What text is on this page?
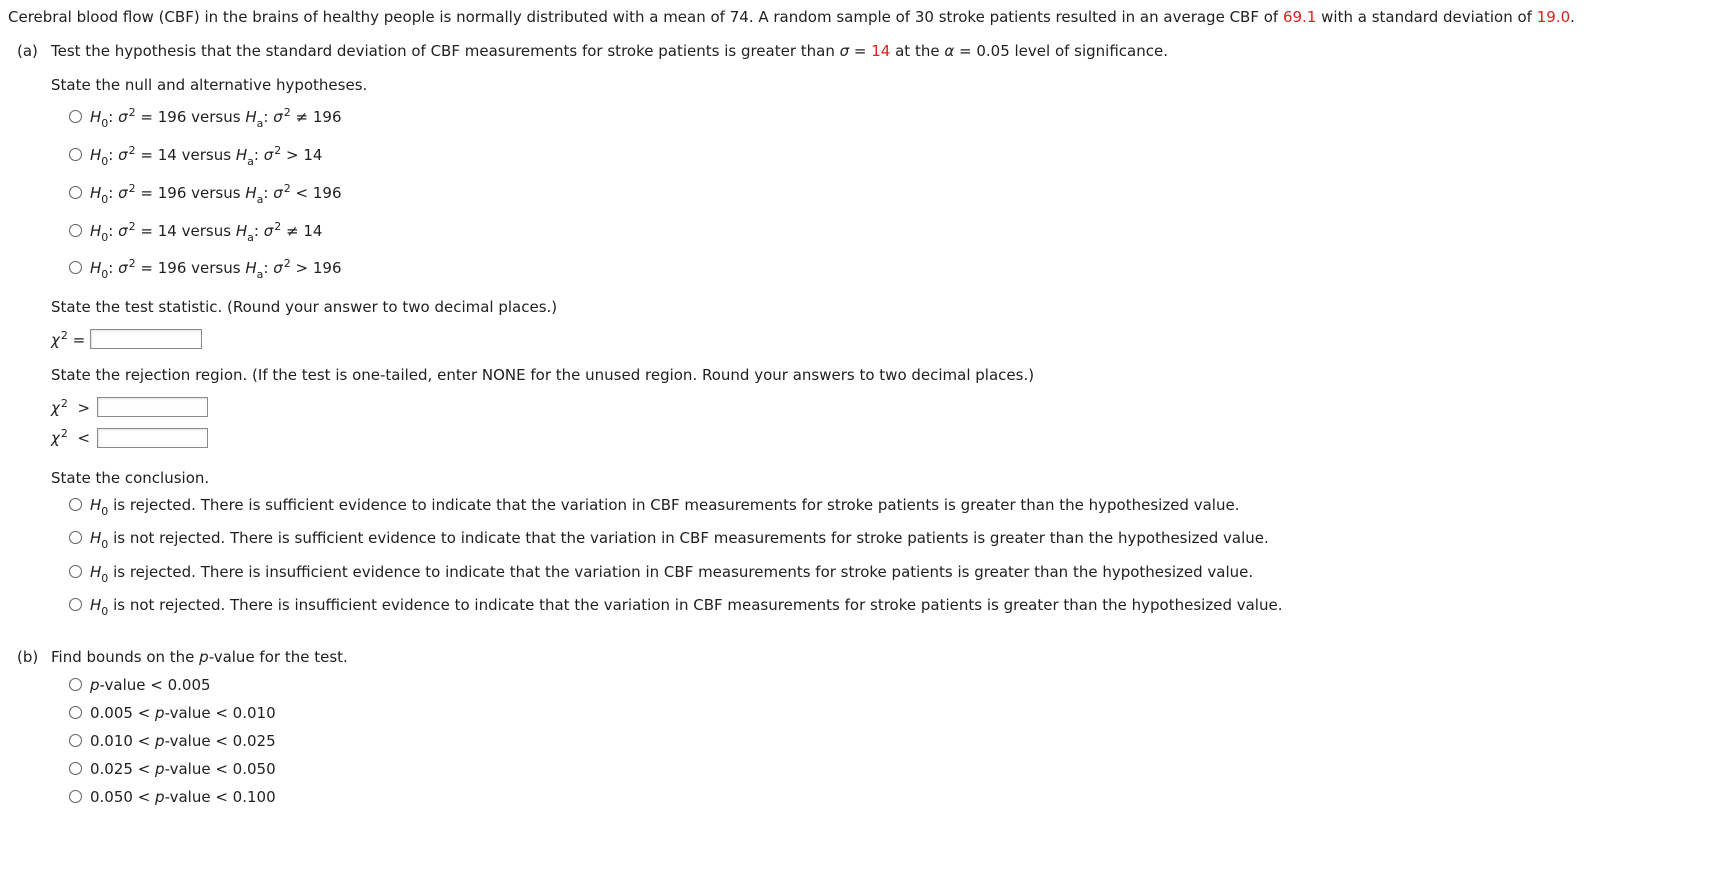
Cerebral blood flow (CBF) in the brains of healthy people is normally distributed with a mean of 74. A random sample of 30 stroke patients resulted in an average CBF of 69.1 with a standard deviation of 19.0.
(a) Test the hypothesis that the standard deviation of CBF measurements for stroke patients is greater than σ = 14 at the α = 0.05 level of significance.
State the null and alternative hypotheses.
$H_0$: $\sigma^2 = 196$ versus $H_a$: $\sigma^2 \ne 196$
$H_0$: $\sigma^2 = 14$ versus $H_a$: $\sigma^2 > 14$
$H_0$: $\sigma^2 = 196$ versus $H_a$: $\sigma^2 < 196$
$H_0$: $\sigma^2 = 14$ versus $H_a$: $\sigma^2 \ne 14$
$H_0$: $\sigma^2 = 196$ versus $H_a$: $\sigma^2 > 196$
State the test statistic. (Round your answer to two decimal places.)
$\chi^2$ =
State the rejection region. (If the test is one-tailed, enter NONE for the unused region. Round your answers to two decimal places.)
$\chi^2$ >
$\chi^2$ <
State the conclusion.
$H_0$ is rejected. There is sufficient evidence to indicate that the variation in CBF measurements for stroke patients is greater than the hypothesized value.
$H_0$ is not rejected. There is sufficient evidence to indicate that the variation in CBF measurements for stroke patients is greater than the hypothesized value.
$H_0$ is rejected. There is insufficient evidence to indicate that the variation in CBF measurements for stroke patients is greater than the hypothesized value.
$H_0$ is not rejected. There is insufficient evidence to indicate that the variation in CBF measurements for stroke patients is greater than the hypothesized value.
(b) Find bounds on the p-value for the test.
p-value < 0.005
0.005 < p-value < 0.010
0.010 < p-value < 0.025
0.025 < p-value < 0.050
0.050 < p-value < 0.100
